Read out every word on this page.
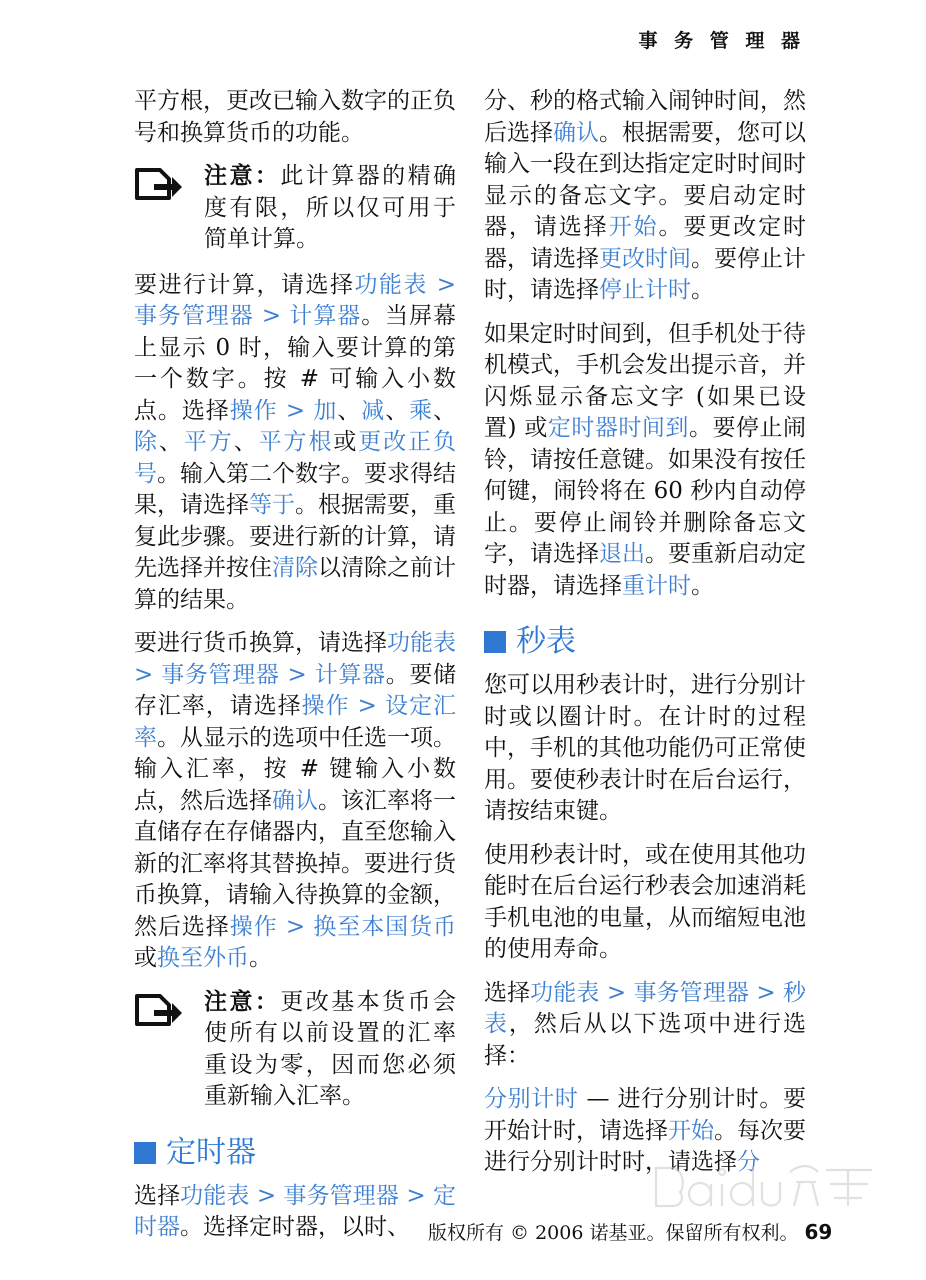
事 务 管 理 器

平方根，更改已输入数字的正负号和换算货币的功能。

注意：此计算器的精确度有限，所以仅可用于简单计算。

要进行计算，请选择功能表 > 事务管理器 > 计算器。当屏幕上显示 0 时，输入要计算的第一个数字。按 # 可输入小数点。选择操作 > 加、减、乘、除、平方、平方根或更改正负号。输入第二个数字。要求得结果，请选择等于。根据需要，重复此步骤。要进行新的计算，请先选择并按住清除以清除之前计算的结果。

要进行货币换算，请选择功能表 > 事务管理器 > 计算器。要储存汇率，请选择操作 > 设定汇率。从显示的选项中任选一项。输入汇率，按 # 键输入小数点，然后选择确认。该汇率将一直储存在存储器内，直至您输入新的汇率将其替换掉。要进行货币换算，请输入待换算的金额，然后选择操作 > 换至本国货币或换至外币。

注意：更改基本货币会使所有以前设置的汇率重设为零，因而您必须重新输入汇率。

定时器

选择功能表 > 事务管理器 > 定时器。选择定时器，以时、

分、秒的格式输入闹钟时间，然后选择确认。根据需要，您可以输入一段在到达指定定时时间时显示的备忘文字。要启动定时器，请选择开始。要更改定时器，请选择更改时间。要停止计时，请选择停止计时。

如果定时时间到，但手机处于待机模式，手机会发出提示音，并闪烁显示备忘文字 (如果已设置) 或定时器时间到。要停止闹铃，请按任意键。如果没有按任何键，闹铃将在 60 秒内自动停止。要停止闹铃并删除备忘文字，请选择退出。要重新启动定时器，请选择重计时。

秒表

您可以用秒表计时，进行分别计时或以圈计时。在计时的过程中，手机的其他功能仍可正常使用。要使秒表计时在后台运行，请按结束键。

使用秒表计时，或在使用其他功能时在后台运行秒表会加速消耗手机电池的电量，从而缩短电池的使用寿命。

选择功能表 > 事务管理器 > 秒表，然后从以下选项中进行选择：

分别计时 — 进行分别计时。要开始计时，请选择开始。每次要进行分别计时时，请选择分

版权所有 © 2006 诺基亚。保留所有权利。 69
